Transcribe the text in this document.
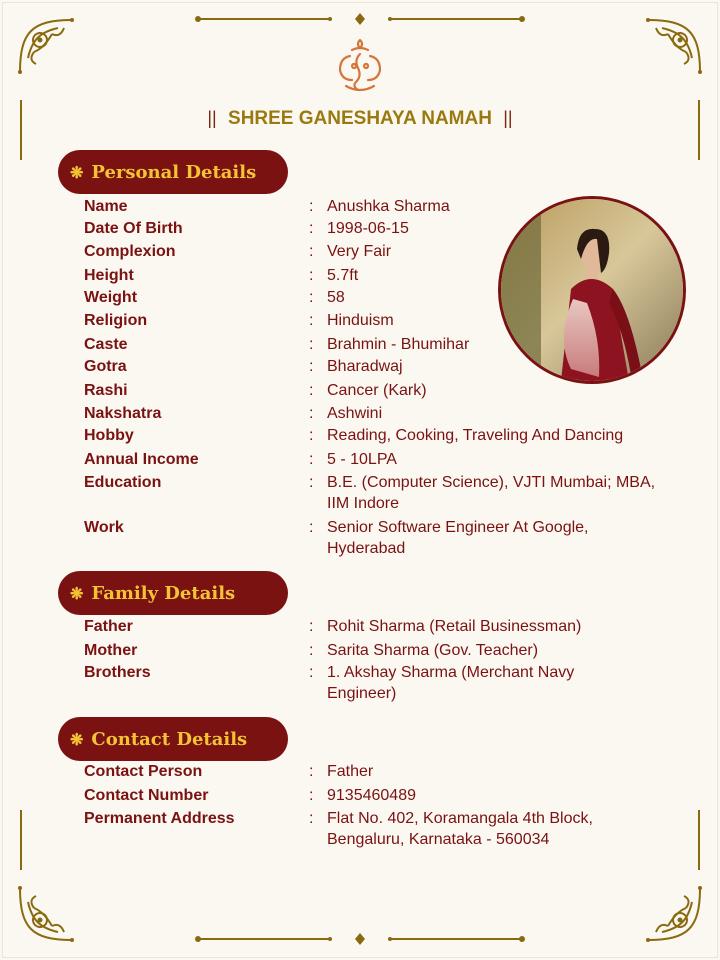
|| SHREE GANESHAYA NAMAH ||
❋ Personal Details
❋ Family Details
❋ Contact Details
Name	: Anushka Sharma
Date Of Birth	: 1998-06-15
Complexion	: Very Fair
Height	: 5.7ft
Weight	: 58
Religion	: Hinduism
Caste	: Brahmin - Bhumihar
Gotra	: Bharadwaj
Rashi	: Cancer (Kark)
Nakshatra	: Ashwini
Hobby	: Reading, Cooking, Traveling And Dancing
Annual Income	: 5 - 10LPA
Education	: B.E. (Computer Science), VJTI Mumbai; MBA, IIM Indore
Work	: Senior Software Engineer At Google, Hyderabad
Father	: Rohit Sharma (Retail Businessman)
Mother	: Sarita Sharma (Gov. Teacher)
Brothers	: 1. Akshay Sharma (Merchant Navy Engineer)
Contact Person	: Father
Contact Number	: 9135460489
Permanent Address	: Flat No. 402, Koramangala 4th Block, Bengaluru, Karnataka - 560034
